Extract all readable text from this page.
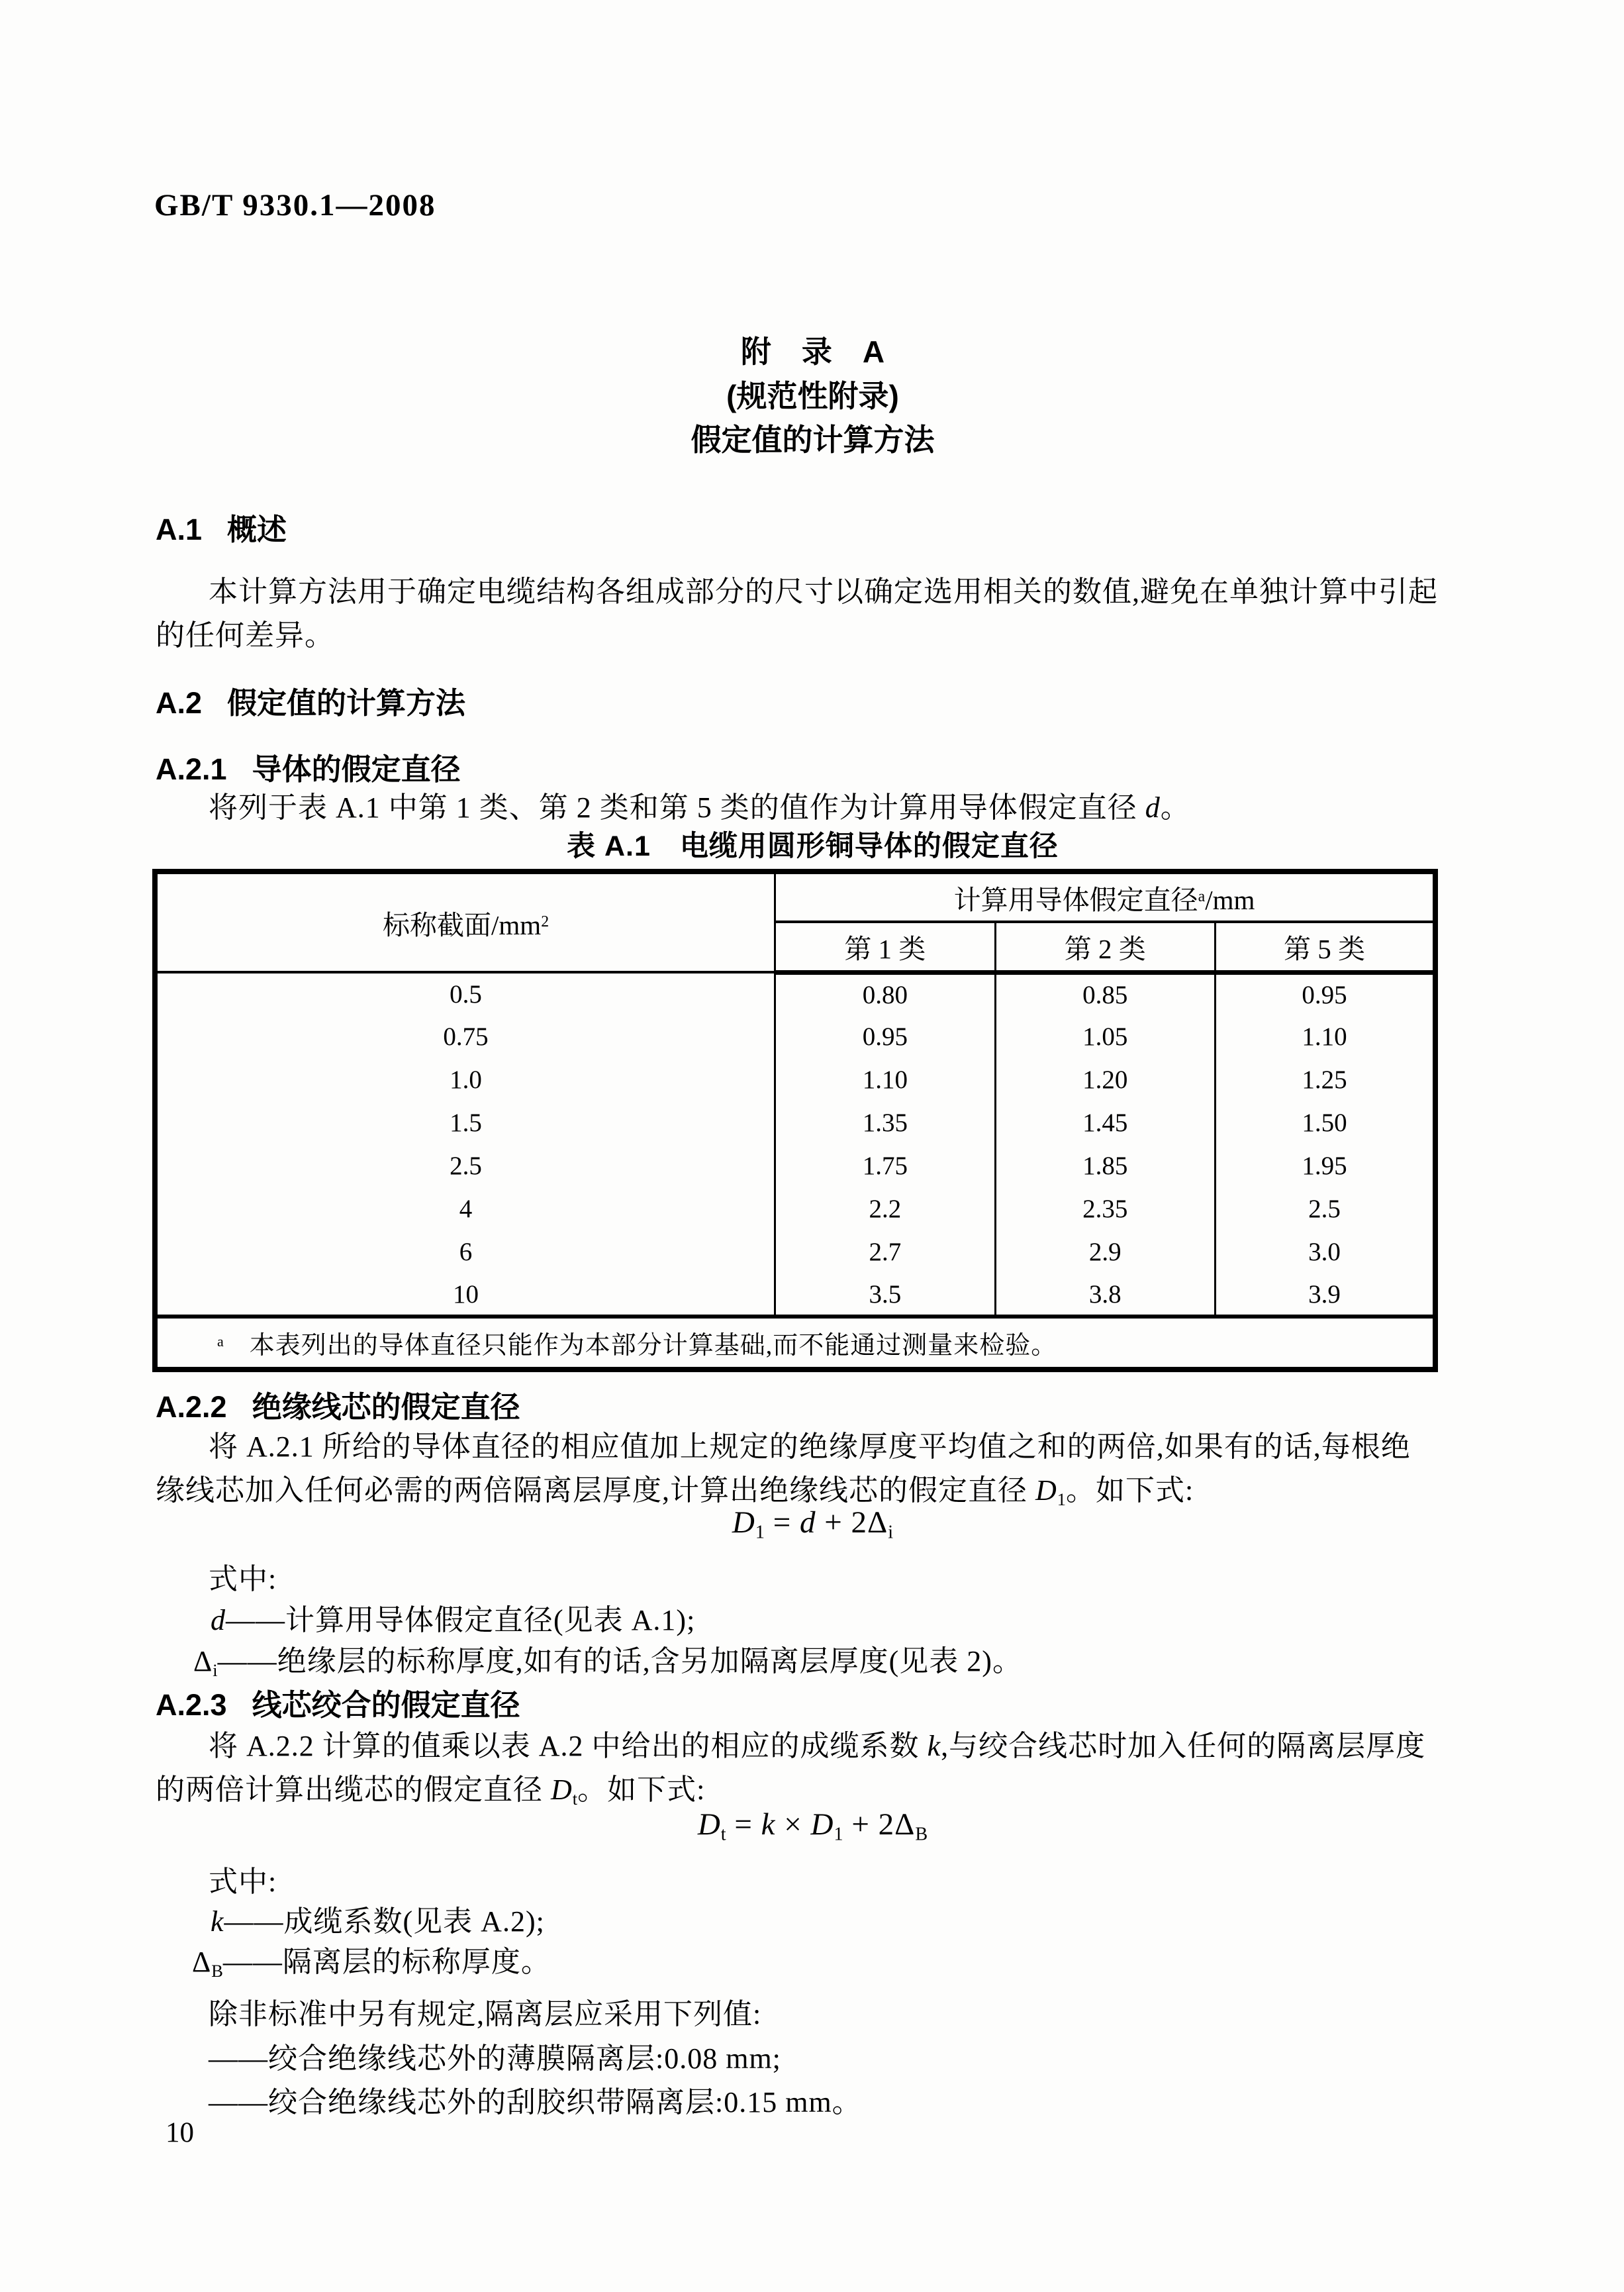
GB/T 9330.1—2008
附　录　A
(规范性附录)
假定值的计算方法
A.1 概述
本计算方法用于确定电缆结构各组成部分的尺寸以确定选用相关的数值,避免在单独计算中引起
的任何差异。
A.2 假定值的计算方法
A.2.1 导体的假定直径
将列于表 A.1 中第 1 类、第 2 类和第 5 类的值作为计算用导体假定直径 d。
表 A.1　电缆用圆形铜导体的假定直径
标称截面$/mm^2$	计算用导体假定直径$^a$/mm		
	第 1 类	第 2 类	第 5 类
0.5	0.80	0.85	0.95
0.75	0.95	1.05	1.10
1.0	1.10	1.20	1.25
1.5	1.35	1.45	1.50
2.5	1.75	1.85	1.95
4	2.2	2.35	2.5
6	2.7	2.9	3.0
10	3.5	3.8	3.9
$^a$　本表列出的导体直径只能作为本部分计算基础,而不能通过测量来检验。			
A.2.2 绝缘线芯的假定直径
将 A.2.1 所给的导体直径的相应值加上规定的绝缘厚度平均值之和的两倍,如果有的话,每根绝
缘线芯加入任何必需的两倍隔离层厚度,计算出绝缘线芯的假定直径 $D_1$。如下式:
$D_1 = d + 2\Delta_i$
式中:
d——计算用导体假定直径(见表 A.1);
$\Delta_i——$绝缘层的标称厚度,如有的话,含另加隔离层厚度(见表 2)。
A.2.3 线芯绞合的假定直径
将 A.2.2 计算的值乘以表 A.2 中给出的相应的成缆系数 k,与绞合线芯时加入任何的隔离层厚度
的两倍计算出缆芯的假定直径 $D_t$。如下式:
$D_t = k \times D_1 + 2\Delta_B$
式中:
k——成缆系数(见表 A.2);
$\Delta_B——$隔离层的标称厚度。
除非标准中另有规定,隔离层应采用下列值:
——绞合绝缘线芯外的薄膜隔离层:0.08 mm;
——绞合绝缘线芯外的刮胶织带隔离层:0.15 mm。
10
